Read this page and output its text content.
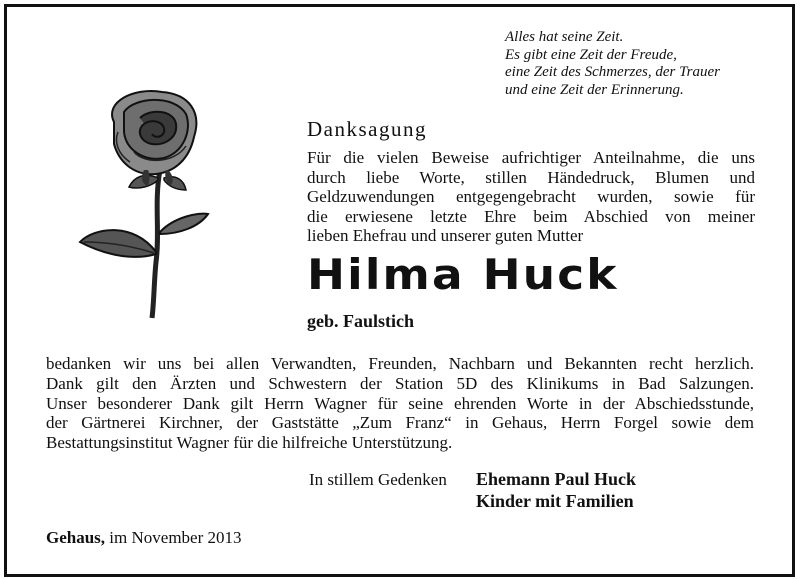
Alles hat seine Zeit.
Es gibt eine Zeit der Freude,
eine Zeit des Schmerzes, der Trauer
und eine Zeit der Erinnerung.
Danksagung
Für die vielen Beweise aufrichtiger Anteilnahme, die uns
durch liebe Worte, stillen Händedruck, Blumen und
Geldzuwendungen entgegengebracht wurden, sowie für
die erwiesene letzte Ehre beim Abschied von meiner
lieben Ehefrau und unserer guten Mutter
Hilma Huck
geb. Faulstich
bedanken wir uns bei allen Verwandten, Freunden, Nachbarn und Bekannten recht herzlich.
Dank gilt den Ärzten und Schwestern der Station 5D des Klinikums in Bad Salzungen.
Unser besonderer Dank gilt Herrn Wagner für seine ehrenden Worte in der Abschiedsstunde,
der Gärtnerei Kirchner, der Gaststätte „Zum Franz“ in Gehaus, Herrn Forgel sowie dem
Bestattungsinstitut Wagner für die hilfreiche Unterstützung.
In stillem Gedenken Ehemann Paul Huck
Kinder mit Familien
Gehaus, im November 2013
